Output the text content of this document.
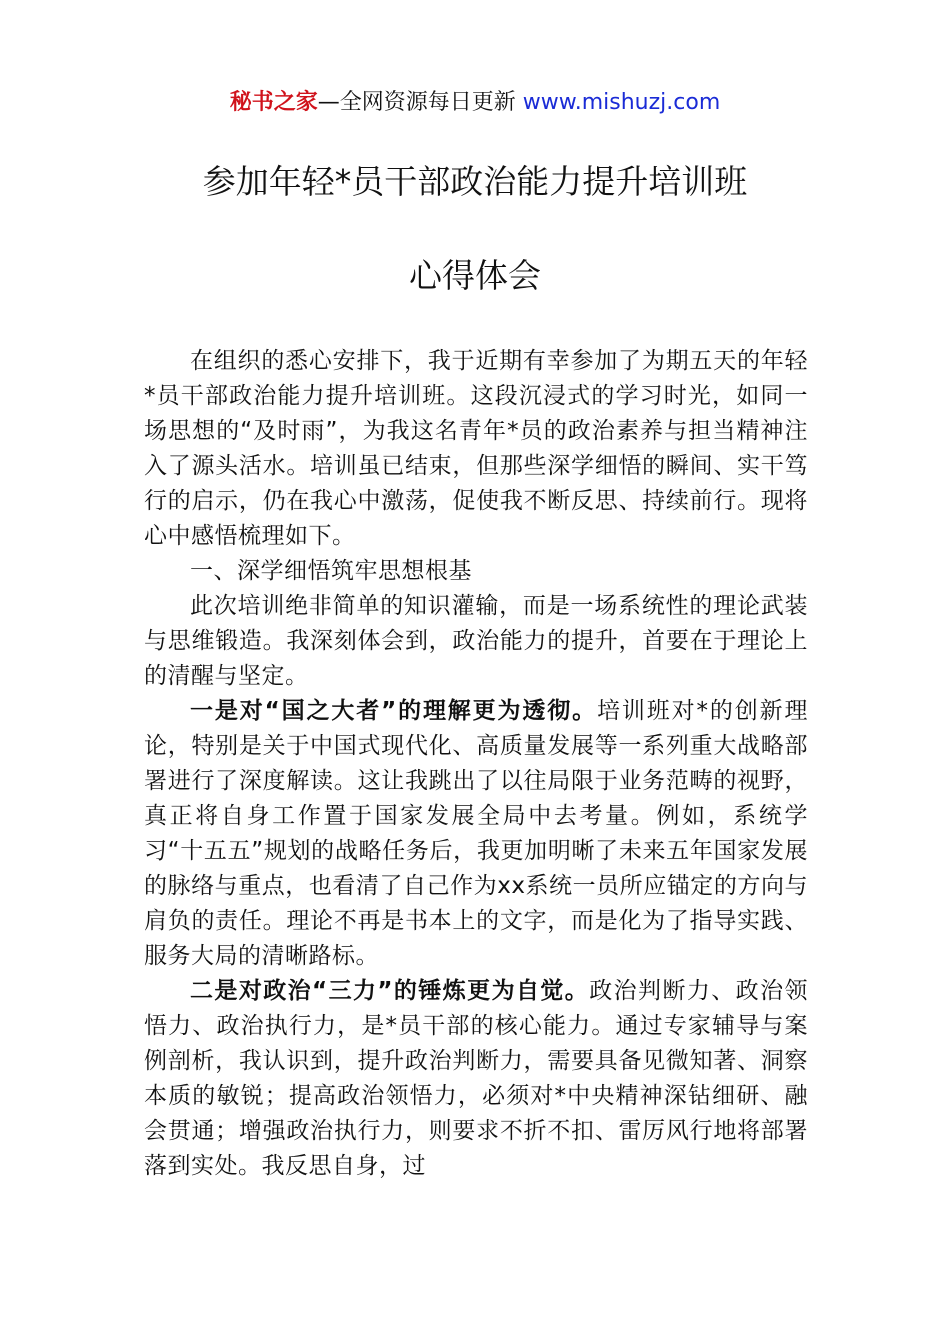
秘书之家—全网资源每日更新 www.mishuzj.com
参加年轻*员干部政治能力提升培训班
心得体会

在组织的悉心安排下，我于近期有幸参加了为期五天的年轻*员干部政治能力提升培训班。这段沉浸式的学习时光，如同一场思想的“及时雨”，为我这名青年*员的政治素养与担当精神注入了源头活水。培训虽已结束，但那些深学细悟的瞬间、实干笃行的启示，仍在我心中激荡，促使我不断反思、持续前行。现将心中感悟梳理如下。

一、深学细悟筑牢思想根基

此次培训绝非简单的知识灌输，而是一场系统性的理论武装与思维锻造。我深刻体会到，政治能力的提升，首要在于理论上的清醒与坚定。

一是对“国之大者”的理解更为透彻。培训班对*的创新理论，特别是关于中国式现代化、高质量发展等一系列重大战略部署进行了深度解读。这让我跳出了以往局限于业务范畴的视野，真正将自身工作置于国家发展全局中去考量。例如，系统学习“十五五”规划的战略任务后，我更加明晰了未来五年国家发展的脉络与重点，也看清了自己作为xx系统一员所应锚定的方向与肩负的责任。理论不再是书本上的文字，而是化为了指导实践、服务大局的清晰路标。

二是对政治“三力”的锤炼更为自觉。政治判断力、政治领悟力、政治执行力，是*员干部的核心能力。通过专家辅导与案例剖析，我认识到，提升政治判断力，需要具备见微知著、洞察本质的敏锐；提高政治领悟力，必须对*中央精神深钻细研、融会贯通；增强政治执行力，则要求不折不扣、雷厉风行地将部署落到实处。我反思自身，过
